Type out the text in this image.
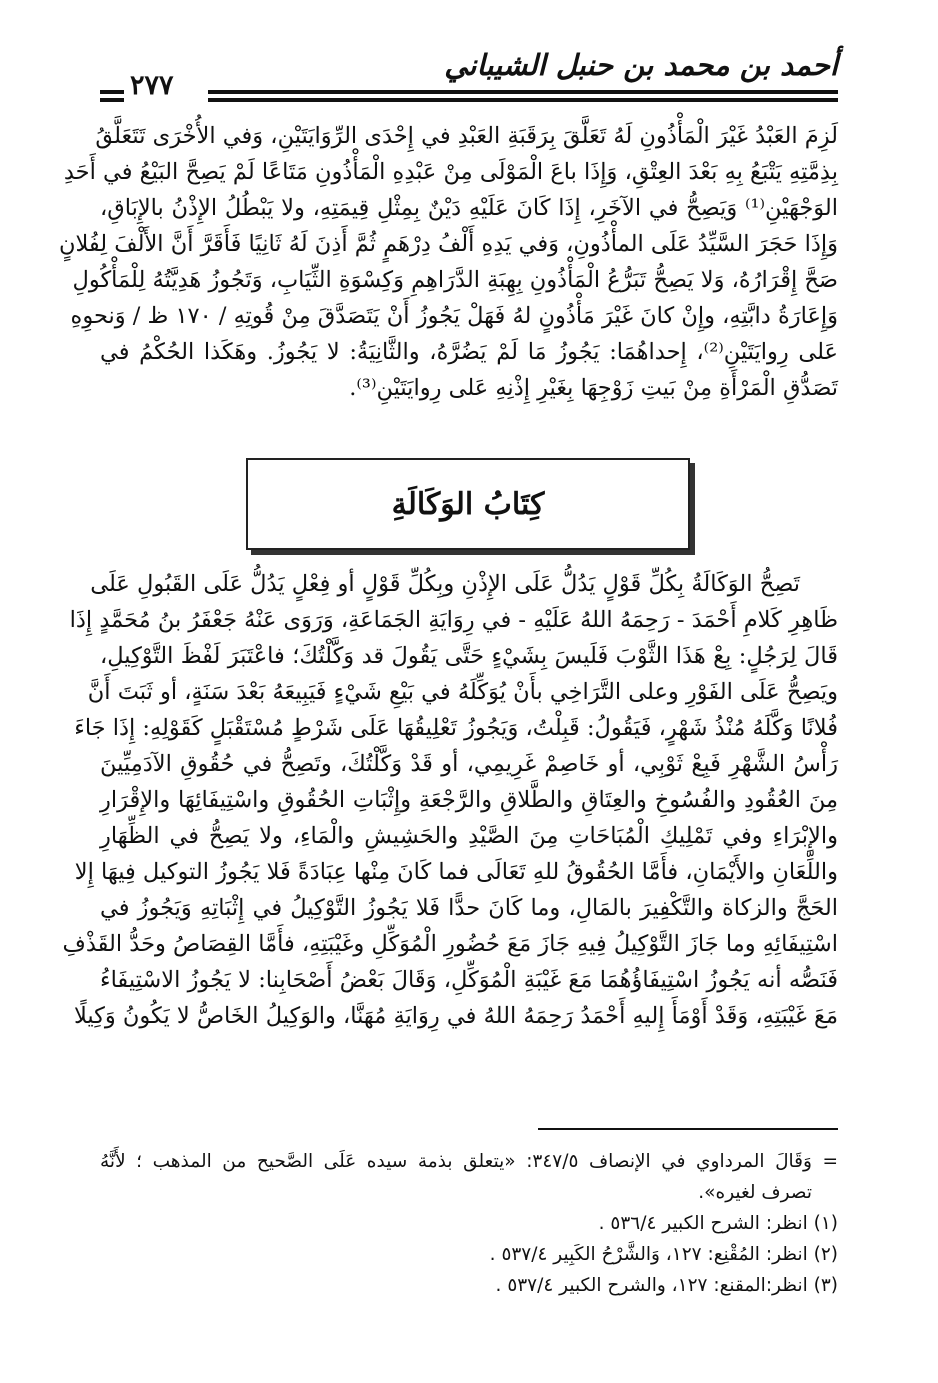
أحمد بن محمد بن حنبل الشيباني
٢٧٧
لَزِمَ العَبْدُ غَيْرَ الْمَأْذُونِ لَهُ تَعَلَّقَ بِرَقَبَةِ العَبْدِ في إِحْدَى الرِّوَايَتَيْنِ، وَفي الأُخْرَى تَتَعَلَّقُ
بِذِمَّتِهِ يَتْبَعُ بِهِ بَعْدَ العِتْقِ، وَإِذَا باعَ الْمَوْلَى مِنْ عَبْدِهِ الْمَأْذُونِ مَتَاعًا لَمْ يَصِحَّ البَيْعُ في أَحَدِ
الوَجْهَيْنِ⁽¹⁾ وَيَصِحُّ في الآخَرِ، إِذَا كَانَ عَلَيْهِ دَيْنٌ بِمِثْلِ قِيمَتِهِ، ولا يَبْطُلُ الإِذْنُ بالإِبَاقِ،
وَإِذَا حَجَرَ السَّيِّدُ عَلَى المأْذُونِ، وَفي يَدِهِ أَلْفُ دِرْهَمٍ ثُمَّ أَذِنَ لَهُ ثَانِيًا فَأَقَرَّ أَنَّ الأَلْفَ لِفُلانٍ
صَحَّ إِقْرَارُهُ، وَلا يَصِحُّ تَبَرُّعُ الْمَأْذُونِ بِهِبَةِ الدَّرَاهِمِ وَكِسْوَةِ الثِّيَابِ، وَتَجُوزُ هَدِيَّتُهُ لِلْمَأْكُولِ
وَإِعَارَةُ دابَّتِهِ، وإِنْ كانَ غَيْرَ مَأْذُونٍ لهُ فَهَلْ يَجُوزُ أَنْ يَتَصَدَّقَ مِنْ قُوتِهِ / ١٧٠ ظ / وَنحوِهِ
عَلى رِوايَتَيْنِ⁽²⁾، إِحداهُمَا: يَجُوزُ مَا لَمْ يَضُرَّهُ، والثَّانِيَةُ: لا يَجُوزُ. وهَكَذا الحُكْمُ في
تَصَدُّقِ الْمَرْأَةِ مِنْ بَيتِ زَوْجِهَا بِغَيْرِ إِذْنِهِ عَلى رِوايَتَيْنِ⁽³⁾.
كِتَابُ الوَكَالَةِ
تَصِحُّ الوَكَالَةُ بِكُلِّ قَوْلٍ يَدُلُّ عَلَى الإِذْنِ وبِكُلِّ قَوْلٍ أو فِعْلٍ يَدُلُّ عَلَى القَبُولِ عَلَى
ظَاهِرِ كَلامِ أَحْمَدَ - رَحِمَهُ اللهُ عَلَيْهِ - في رِوَايَةِ الجَمَاعَةِ، وَرَوَى عَنْهُ جَعْفَرُ بنُ مُحَمَّدٍ إِذَا
قَالَ لِرَجُلٍ: بِعْ هَذَا الثَّوْبَ فَلَيسَ بِشَيْءٍ حَتَّى يَقُولَ قد وَكَّلْتُكَ؛ فاعْتَبَرَ لَفْظَ التَّوْكِيلِ،
ويَصِحُّ عَلَى الفَوْرِ وعلى التَّرَاخِي بأَنْ يُوَكِّلَهُ في بَيْعِ شَيْءٍ فَيَبِيعَهُ بَعْدَ سَنَةٍ، أو ثَبَتَ أَنَّ
فُلانًا وَكَّلَهُ مُنْذُ شَهْرٍ، فَيَقُولُ: قَبِلْتُ، وَيَجُوزُ تَعْلِيقُهَا عَلَى شَرْطٍ مُسْتَقْبَلٍ كَقَوْلِهِ: إِذَا جَاءَ
رَأْسُ الشَّهْرِ فَبِعْ ثَوْبِي، أو خَاصِمْ غَرِيمِي، أو قَدْ وَكَّلْتُكَ، وتَصِحُّ في حُقُوقِ الآدَمِيِّينَ
مِنَ العُقُودِ والفُسُوخِ والعِتَاقِ والطَّلاقِ والرَّجْعَةِ وإِثْبَاتِ الحُقُوقِ واسْتِيفَائِهَا والإِقْرَارِ
والإِبْرَاءِ وفي تَمْلِيكِ الْمُبَاحَاتِ مِنَ الصَّيْدِ والحَشِيشِ والْمَاءِ، ولا يَصِحُّ في الظِّهَارِ
واللِّعَانِ والأَيْمَانِ، فأَمَّا الحُقُوقُ للهِ تَعَالَى فما كَانَ مِنْها عِبَادَةً فَلا يَجُوزُ التوكيل فِيهَا إِلا
الحَجَّ والزكاة والتَّكْفِيرَ بالمَالِ، وما كَانَ حدًّا فَلا يَجُوزُ التَّوْكِيلُ في إِثْبَاتِهِ وَيَجُوزُ في
اسْتِيفَائِهِ وما جَازَ التَّوْكِيلُ فِيهِ جَازَ مَعَ حُضُورِ الْمُوَكِّلِ وغَيْبَتِهِ، فأَمَّا القِصَاصُ وحَدُّ القَذْفِ
فَنَصُّه أنه يَجُوزُ اسْتِيفَاؤُهُمَا مَعَ غَيْبَةِ الْمُوَكِّلِ، وَقَالَ بَعْضُ أَصْحَابِنا: لا يَجُوزُ الاسْتِيفَاءُ
مَعَ غَيْبَتِهِ، وَقَدْ أَوْمَأَ إِليهِ أَحْمَدُ رَحِمَهُ اللهُ في رِوَايَةِ مُهَنَّا، والوَكِيلُ الخَاصُّ لا يَكُونُ وَكِيلًا
= وَقَالَ المرداوي في الإنصاف ٣٤٧/٥: «يتعلق بذمة سيده عَلَى الصَّحيح من المذهب ؛ لأَنَّهُ
تصرف لغيره».
(١) انظر: الشرح الكبير ٥٣٦/٤ .
(٢) انظر: المُقْنِع: ١٢٧، وَالشَّرْحُ الكَبِير ٥٣٧/٤ .
(٣) انظر:المقنع: ١٢٧، والشرح الكبير ٥٣٧/٤ .
